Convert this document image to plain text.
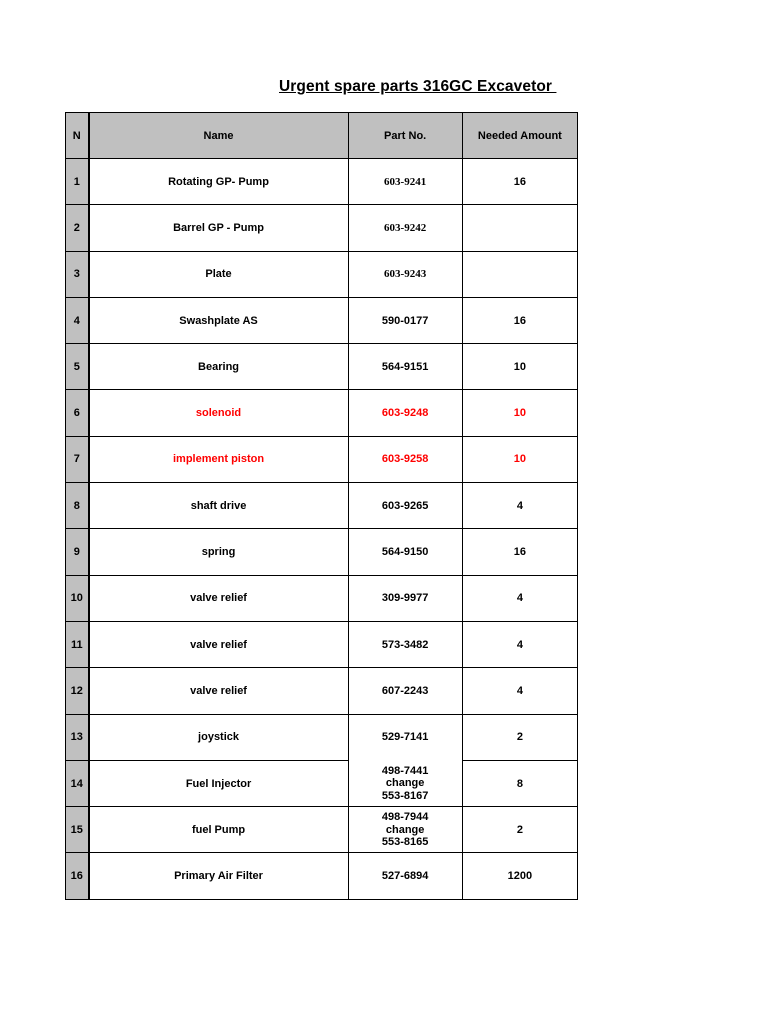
Urgent spare parts 316GC Excavetor
N	Name	Part No.	Needed Amount
1	Rotating GP- Pump	603-9241	16
2	Barrel GP - Pump	603-9242	
3	Plate	603-9243	
4	Swashplate AS	590-0177	16
5	Bearing	564-9151	10
6	solenoid	603-9248	10
7	implement piston	603-9258	10
8	shaft drive	603-9265	4
9	spring	564-9150	16
10	valve relief	309-9977	4
11	valve relief	573-3482	4
12	valve relief	607-2243	4
13	joystick	529-7141	2
14	Fuel Injector	498-7441
change
553-8167	8
15	fuel Pump	498-7944
change
553-8165	2
16	Primary Air Filter	527-6894	1200
